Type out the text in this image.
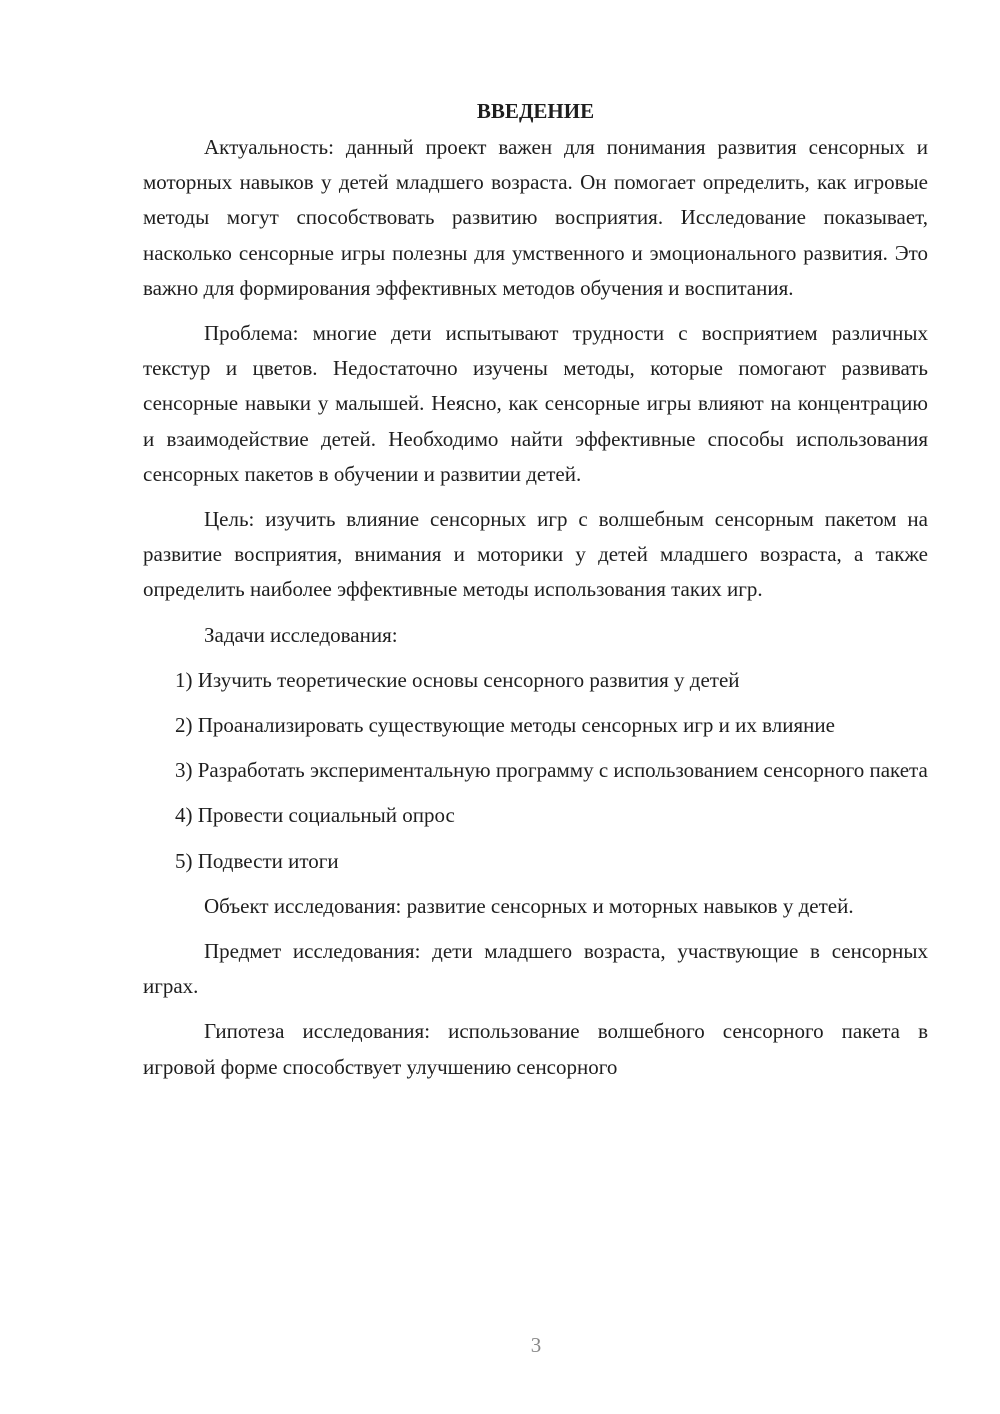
ВВЕДЕНИЕ

Актуальность: данный проект важен для понимания развития сенсорных и моторных навыков у детей младшего возраста. Он помогает определить, как игровые методы могут способствовать развитию восприятия. Исследование показывает, насколько сенсорные игры полезны для умственного и эмоционального развития. Это важно для формирования эффективных методов обучения и воспитания.

Проблема: многие дети испытывают трудности с восприятием различных текстур и цветов. Недостаточно изучены методы, которые помогают развивать сенсорные навыки у малышей. Неясно, как сенсорные игры влияют на концентрацию и взаимодействие детей. Необходимо найти эффективные способы использования сенсорных пакетов в обучении и развитии детей.

Цель: изучить влияние сенсорных игр с волшебным сенсорным пакетом на развитие восприятия, внимания и моторики у детей младшего возраста, а также определить наиболее эффективные методы использования таких игр.

Задачи исследования:

1) Изучить теоретические основы сенсорного развития у детей

2) Проанализировать существующие методы сенсорных игр и их влияние

3) Разработать экспериментальную программу с использованием сенсорного пакета

4) Провести социальный опрос

5) Подвести итоги

Объект исследования: развитие сенсорных и моторных навыков у детей.

Предмет исследования: дети младшего возраста, участвующие в сенсорных играх.

Гипотеза исследования: использование волшебного сенсорного пакета в игровой форме способствует улучшению сенсорного

3
